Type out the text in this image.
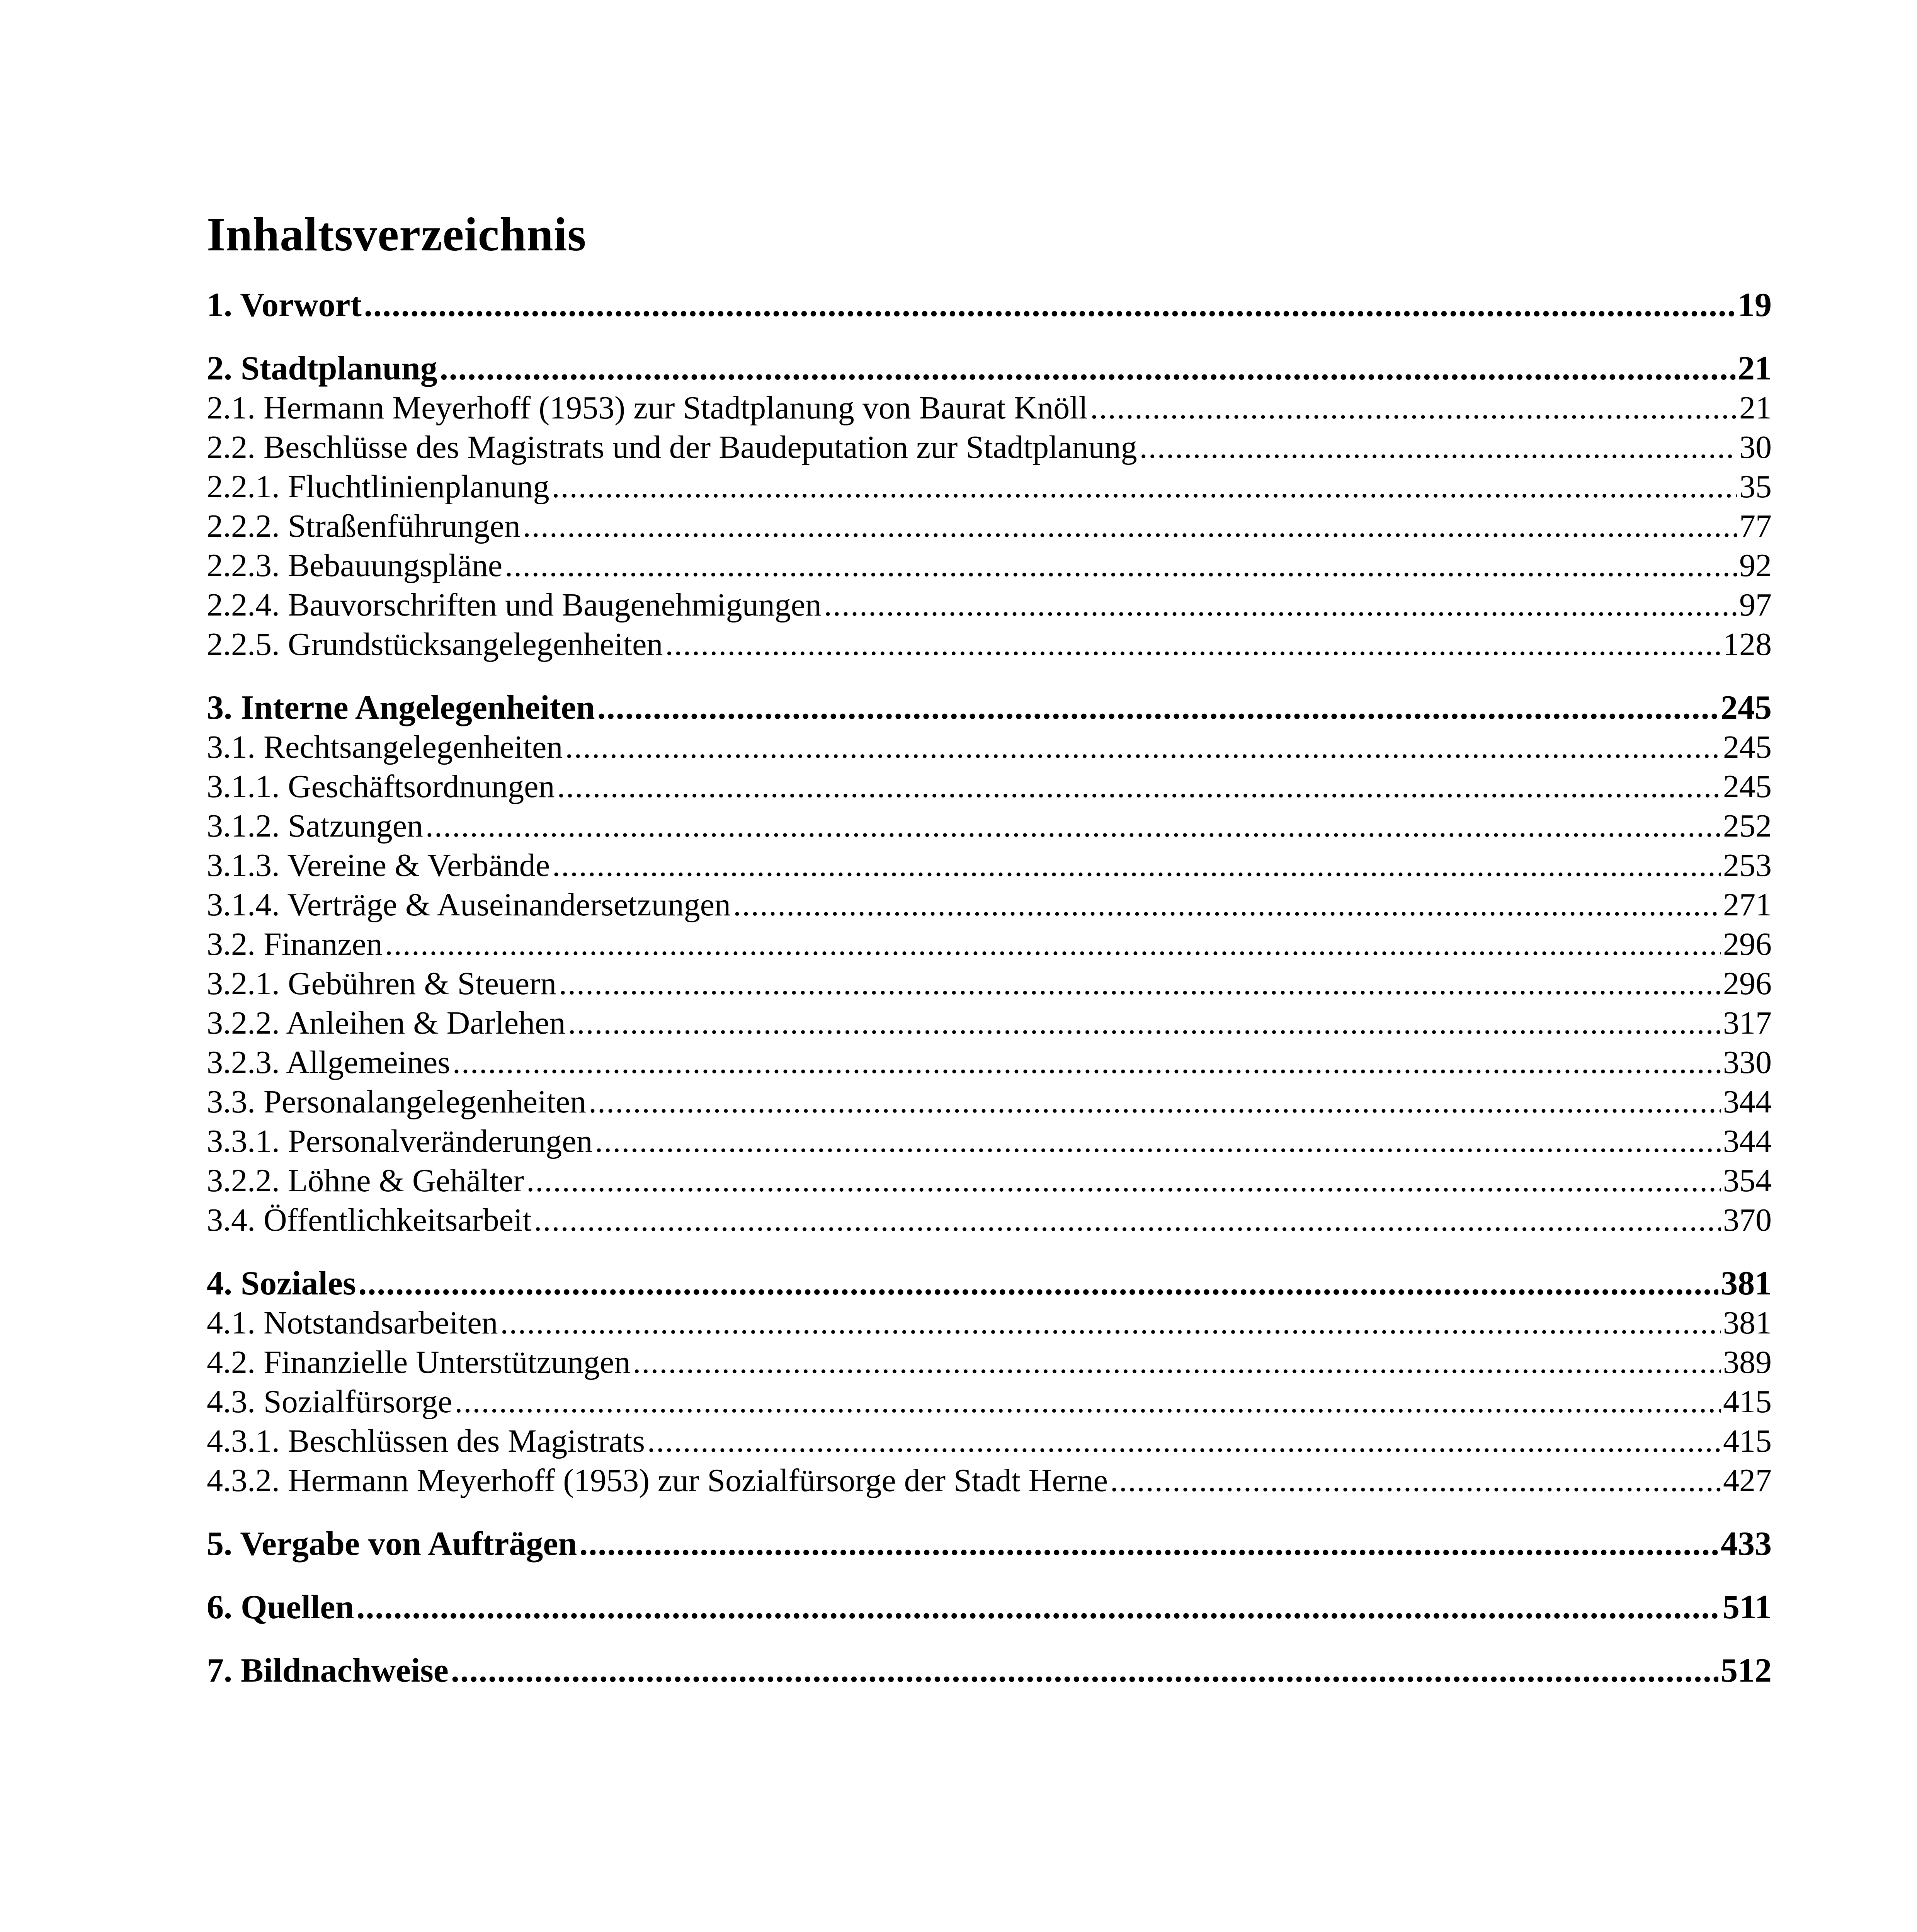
Inhaltsverzeichnis
1. Vorwort .....	19
2. Stadtplanung .....	21
2.1. Hermann Meyerhoff (1953) zur Stadtplanung von Baurat Knöll .....	21
2.2. Beschlüsse des Magistrats und der Baudeputation zur Stadtplanung .....	30
2.2.1. Fluchtlinienplanung .....	35
2.2.2. Straßenführungen .....	77
2.2.3. Bebauungspläne .....	92
2.2.4. Bauvorschriften und Baugenehmigungen .....	97
2.2.5. Grundstücksangelegenheiten .....	128
3. Interne Angelegenheiten .....	245
3.1. Rechtsangelegenheiten .....	245
3.1.1. Geschäftsordnungen .....	245
3.1.2. Satzungen .....	252
3.1.3. Vereine & Verbände .....	253
3.1.4. Verträge & Auseinandersetzungen .....	271
3.2. Finanzen .....	296
3.2.1. Gebühren & Steuern .....	296
3.2.2. Anleihen & Darlehen .....	317
3.2.3. Allgemeines .....	330
3.3. Personalangelegenheiten .....	344
3.3.1. Personalveränderungen .....	344
3.2.2. Löhne & Gehälter .....	354
3.4. Öffentlichkeitsarbeit .....	370
4. Soziales .....	381
4.1. Notstandsarbeiten .....	381
4.2. Finanzielle Unterstützungen .....	389
4.3. Sozialfürsorge .....	415
4.3.1. Beschlüssen des Magistrats .....	415
4.3.2. Hermann Meyerhoff (1953) zur Sozialfürsorge der Stadt Herne .....	427
5. Vergabe von Aufträgen .....	433
6. Quellen .....	511
7. Bildnachweise .....	512
